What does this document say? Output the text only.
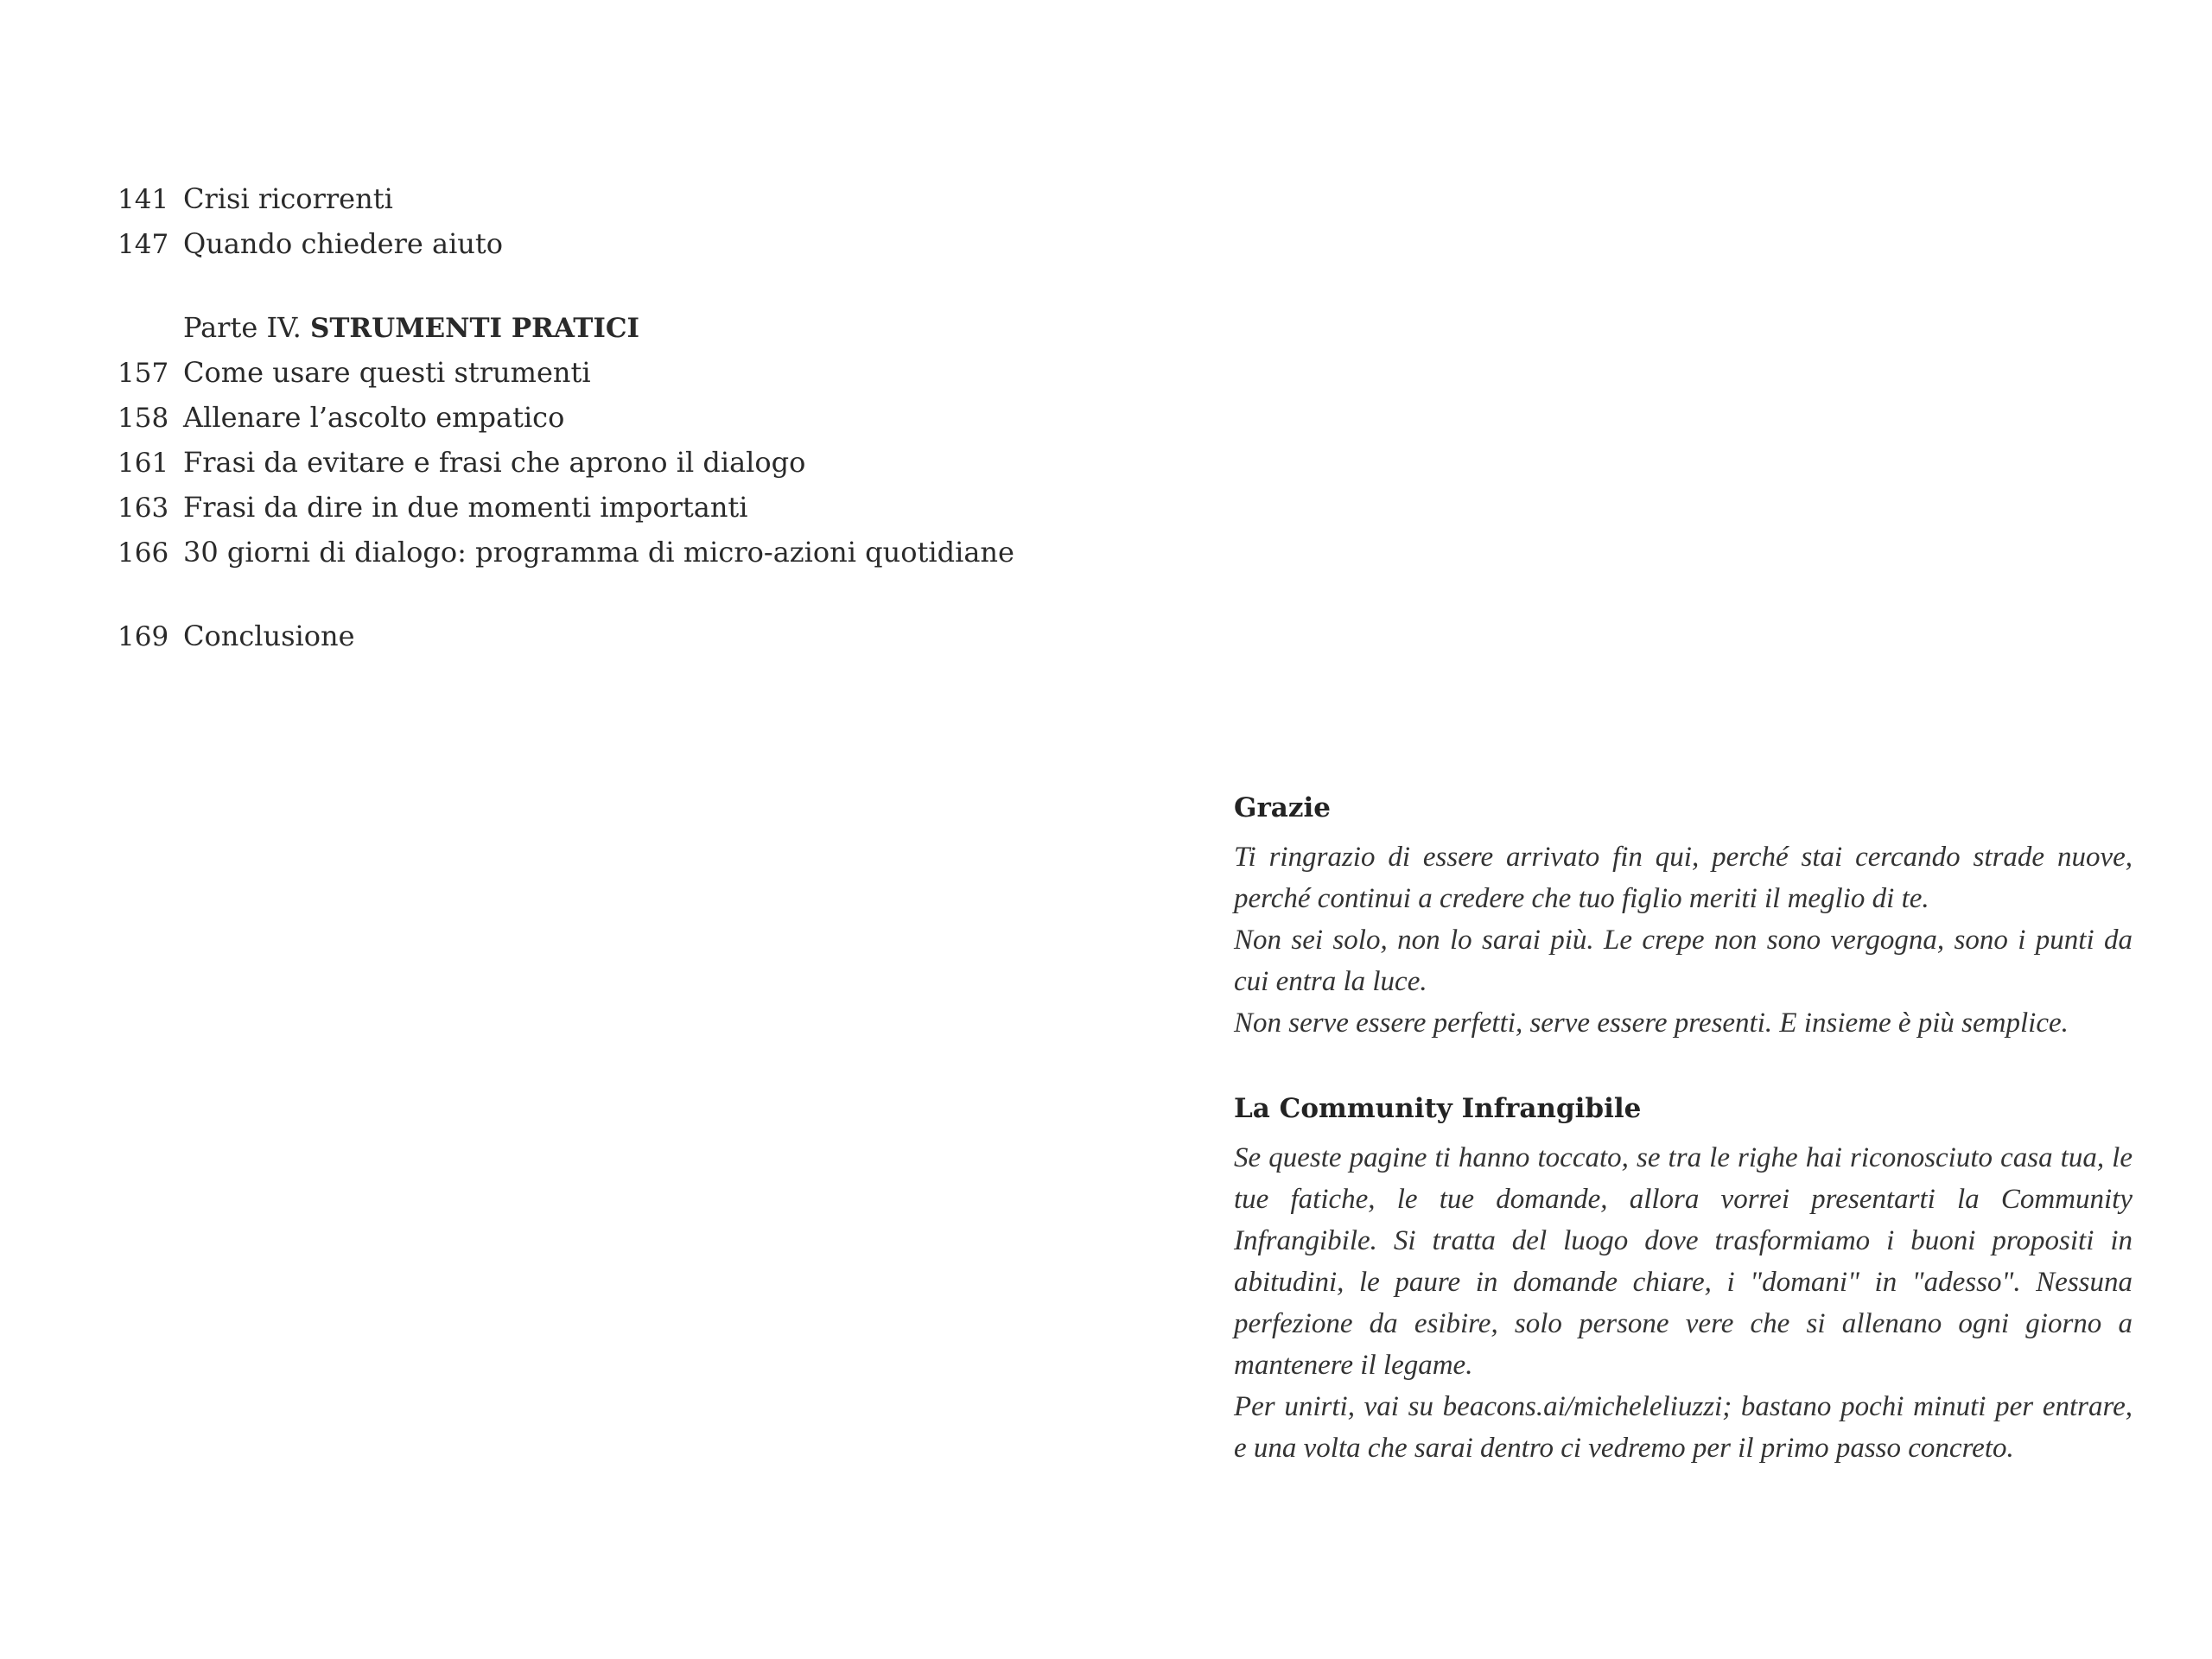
141 Crisi ricorrenti
147 Quando chiedere aiuto
Parte IV.
STRUMENTI PRATICI
157 Come usare questi strumenti
158 Allenare l’ascolto empatico
161 Frasi da evitare e frasi che aprono il dialogo
163 Frasi da dire in due momenti importanti
166 30 giorni di dialogo: programma di micro-azioni quotidiane
169 Conclusione
Grazie

Ti ringrazio di essere arrivato fin qui, perché stai cercando strade nuove, perché continui a credere che tuo figlio meriti il meglio di te.

Non sei solo, non lo sarai più. Le crepe non sono vergogna, sono i punti da cui entra la luce.

Non serve essere perfetti, serve essere presenti. E insieme è più semplice.

La Community Infrangibile

Se queste pagine ti hanno toccato, se tra le righe hai riconosciuto casa tua, le tue fatiche, le tue domande, allora vorrei presentarti la Community Infrangibile. Si tratta del luogo dove trasformiamo i buoni propositi in abitudini, le paure in domande chiare, i "domani" in "adesso". Nessuna perfezione da esibire, solo persone vere che si allenano ogni giorno a mantenere il legame.

Per unirti, vai su beacons.ai/micheleliuzzi; bastano pochi minuti per entrare, e una volta che sarai dentro ci vedremo per il primo passo concreto.
